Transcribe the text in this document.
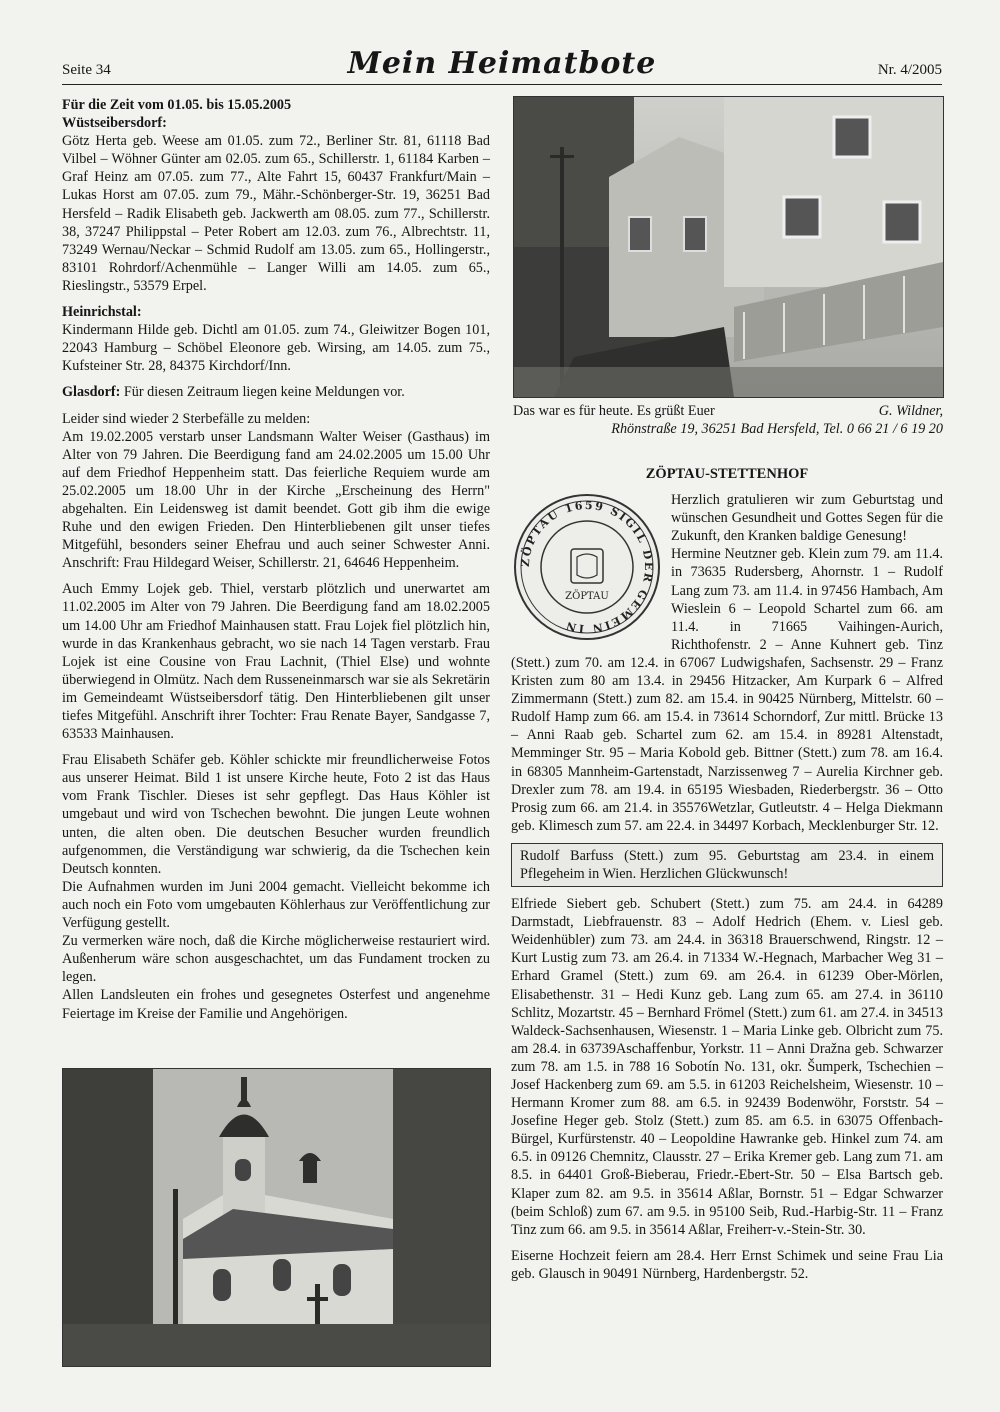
Seite 34	Mein Heimatbote	Nr. 4/2005

Für die Zeit vom 01.05. bis 15.05.2005

Wüstseibersdorf:

Götz Herta geb. Weese am 01.05. zum 72., Berliner Str. 81, 61118 Bad Vilbel – Wöhner Günter am 02.05. zum 65., Schillerstr. 1, 61184 Karben – Graf Heinz am 07.05. zum 77., Alte Fahrt 15, 60437 Frankfurt/Main – Lukas Horst am 07.05. zum 79., Mähr.-Schönberger-Str. 19, 36251 Bad Hersfeld – Radik Elisabeth geb. Jackwerth am 08.05. zum 77., Schillerstr. 38, 37247 Philippstal – Peter Robert am 12.03. zum 76., Albrechtstr. 11, 73249 Wernau/Neckar – Schmid Rudolf am 13.05. zum 65., Hollingerstr., 83101 Rohrdorf/Achenmühle – Langer Willi am 14.05. zum 65., Rieslingstr., 53579 Erpel.

Heinrichstal:

Kindermann Hilde geb. Dichtl am 01.05. zum 74., Gleiwitzer Bogen 101, 22043 Hamburg – Schöbel Eleonore geb. Wirsing, am 14.05. zum 75., Kufsteiner Str. 28, 84375 Kirchdorf/Inn.

Glasdorf: Für diesen Zeitraum liegen keine Meldungen vor.

Leider sind wieder 2 Sterbefälle zu melden:

Am 19.02.2005 verstarb unser Landsmann Walter Weiser (Gasthaus) im Alter von 79 Jahren. Die Beerdigung fand am 24.02.2005 um 15.00 Uhr auf dem Friedhof Heppenheim statt. Das feierliche Requiem wurde am 25.02.2005 um 18.00 Uhr in der Kirche „Erscheinung des Herrn" abgehalten. Ein Leidensweg ist damit beendet. Gott gib ihm die ewige Ruhe und den ewigen Frieden. Den Hinterbliebenen gilt unser tiefes Mitgefühl, besonders seiner Ehefrau und auch seiner Schwester Anni. Anschrift: Frau Hildegard Weiser, Schillerstr. 21, 64646 Heppenheim.

Auch Emmy Lojek geb. Thiel, verstarb plötzlich und unerwartet am 11.02.2005 im Alter von 79 Jahren. Die Beerdigung fand am 18.02.2005 um 14.00 Uhr am Friedhof Mainhausen statt. Frau Lojek fiel plötzlich hin, wurde in das Krankenhaus gebracht, wo sie nach 14 Tagen verstarb. Frau Lojek ist eine Cousine von Frau Lachnit, (Thiel Else) und wohnte überwiegend in Olmütz. Nach dem Russeneinmarsch war sie als Sekretärin im Gemeindeamt Wüstseibersdorf tätig. Den Hinterbliebenen gilt unser tiefes Mitgefühl. Anschrift ihrer Tochter: Frau Renate Bayer, Sandgasse 7, 63533 Mainhausen.

Frau Elisabeth Schäfer geb. Köhler schickte mir freundlicherweise Fotos aus unserer Heimat. Bild 1 ist unsere Kirche heute, Foto 2 ist das Haus vom Frank Tischler. Dieses ist sehr gepflegt. Das Haus Köhler ist umgebaut und wird von Tschechen bewohnt. Die jungen Leute wohnen unten, die alten oben. Die deutschen Besucher wurden freundlich aufgenommen, die Verständigung war schwierig, da die Tschechen kein Deutsch konnten.

Die Aufnahmen wurden im Juni 2004 gemacht. Vielleicht bekomme ich auch noch ein Foto vom umgebauten Köhlerhaus zur Veröffentlichung zur Verfügung gestellt.

Zu vermerken wäre noch, daß die Kirche möglicherweise restauriert wird. Außenherum wäre schon ausgeschachtet, um das Fundament trocken zu legen.

Allen Landsleuten ein frohes und gesegnetes Osterfest und angenehme Feiertage im Kreise der Familie und Angehörigen.

Das war es für heute. Es grüßt Euer	G. Wildner,
Rhönstraße 19, 36251 Bad Hersfeld, Tel. 0 66 21 / 6 19 20

ZÖPTAU-STETTENHOF

ZÖPTAU 1659 SIGIL DER GEMEIN IN
ZÖPTAU

Herzlich gratulieren wir zum Geburtstag und wünschen Gesundheit und Gottes Segen für die Zukunft, den Kranken baldige Genesung!

Hermine Neutzner geb. Klein zum 79. am 11.4. in 73635 Rudersberg, Ahornstr. 1 – Rudolf Lang zum 73. am 11.4. in 97456 Hambach, Am Wieslein 6 – Leopold Schartel zum 66. am 11.4. in 71665 Vaihingen-Aurich, Richthofenstr. 2 – Anne Kuhnert geb. Tinz (Stett.) zum 70. am 12.4. in 67067 Ludwigshafen, Sachsenstr. 29 – Franz Kristen zum 80 am 13.4. in 29456 Hitzacker, Am Kurpark 6 – Alfred Zimmermann (Stett.) zum 82. am 15.4. in 90425 Nürnberg, Mittelstr. 60 – Rudolf Hamp zum 66. am 15.4. in 73614 Schorndorf, Zur mittl. Brücke 13 – Anni Raab geb. Schartel zum 62. am 15.4. in 89281 Altenstadt, Memminger Str. 95 – Maria Kobold geb. Bittner (Stett.) zum 78. am 16.4. in 68305 Mannheim-Gartenstadt, Narzissenweg 7 – Aurelia Kirchner geb. Drexler zum 78. am 19.4. in 65195 Wiesbaden, Riederbergstr. 36 – Otto Prosig zum 66. am 21.4. in 35576Wetzlar, Gutleutstr. 4 – Helga Diekmann geb. Klimesch zum 57. am 22.4. in 34497 Korbach, Mecklenburger Str. 12.

Rudolf Barfuss (Stett.) zum 95. Geburtstag am 23.4. in einem Pflegeheim in Wien. Herzlichen Glückwunsch!

Elfriede Siebert geb. Schubert (Stett.) zum 75. am 24.4. in 64289 Darmstadt, Liebfrauenstr. 83 – Adolf Hedrich (Ehem. v. Liesl geb. Weidenhübler) zum 73. am 24.4. in 36318 Brauerschwend, Ringstr. 12 – Kurt Lustig zum 73. am 26.4. in 71334 W.-Hegnach, Marbacher Weg 31 – Erhard Gramel (Stett.) zum 69. am 26.4. in 61239 Ober-Mörlen, Elisabethenstr. 31 – Hedi Kunz geb. Lang zum 65. am 27.4. in 36110 Schlitz, Mozartstr. 45 – Bernhard Frömel (Stett.) zum 61. am 27.4. in 34513 Waldeck-Sachsenhausen, Wiesenstr. 1 – Maria Linke geb. Olbricht zum 75. am 28.4. in 63739Aschaffenbur, Yorkstr. 11 – Anni Dražna geb. Schwarzer zum 78. am 1.5. in 788 16 Sobotín No. 131, okr. Šumperk, Tschechien – Josef Hackenberg zum 69. am 5.5. in 61203 Reichelsheim, Wiesenstr. 10 – Hermann Kromer zum 88. am 6.5. in 92439 Bodenwöhr, Forststr. 54 – Josefine Heger geb. Stolz (Stett.) zum 85. am 6.5. in 63075 Offenbach-Bürgel, Kurfürstenstr. 40 – Leopoldine Hawranke geb. Hinkel zum 74. am 6.5. in 09126 Chemnitz, Clausstr. 27 – Erika Kremer geb. Lang zum 71. am 8.5. in 64401 Groß-Bieberau, Friedr.-Ebert-Str. 50 – Elsa Bartsch geb. Klaper zum 82. am 9.5. in 35614 Aßlar, Bornstr. 51 – Edgar Schwarzer (beim Schloß) zum 67. am 9.5. in 95100 Seib, Rud.-Harbig-Str. 11 – Franz Tinz zum 66. am 9.5. in 35614 Aßlar, Freiherr-v.-Stein-Str. 30.

Eiserne Hochzeit feiern am 28.4. Herr Ernst Schimek und seine Frau Lia geb. Glausch in 90491 Nürnberg, Hardenbergstr. 52.
